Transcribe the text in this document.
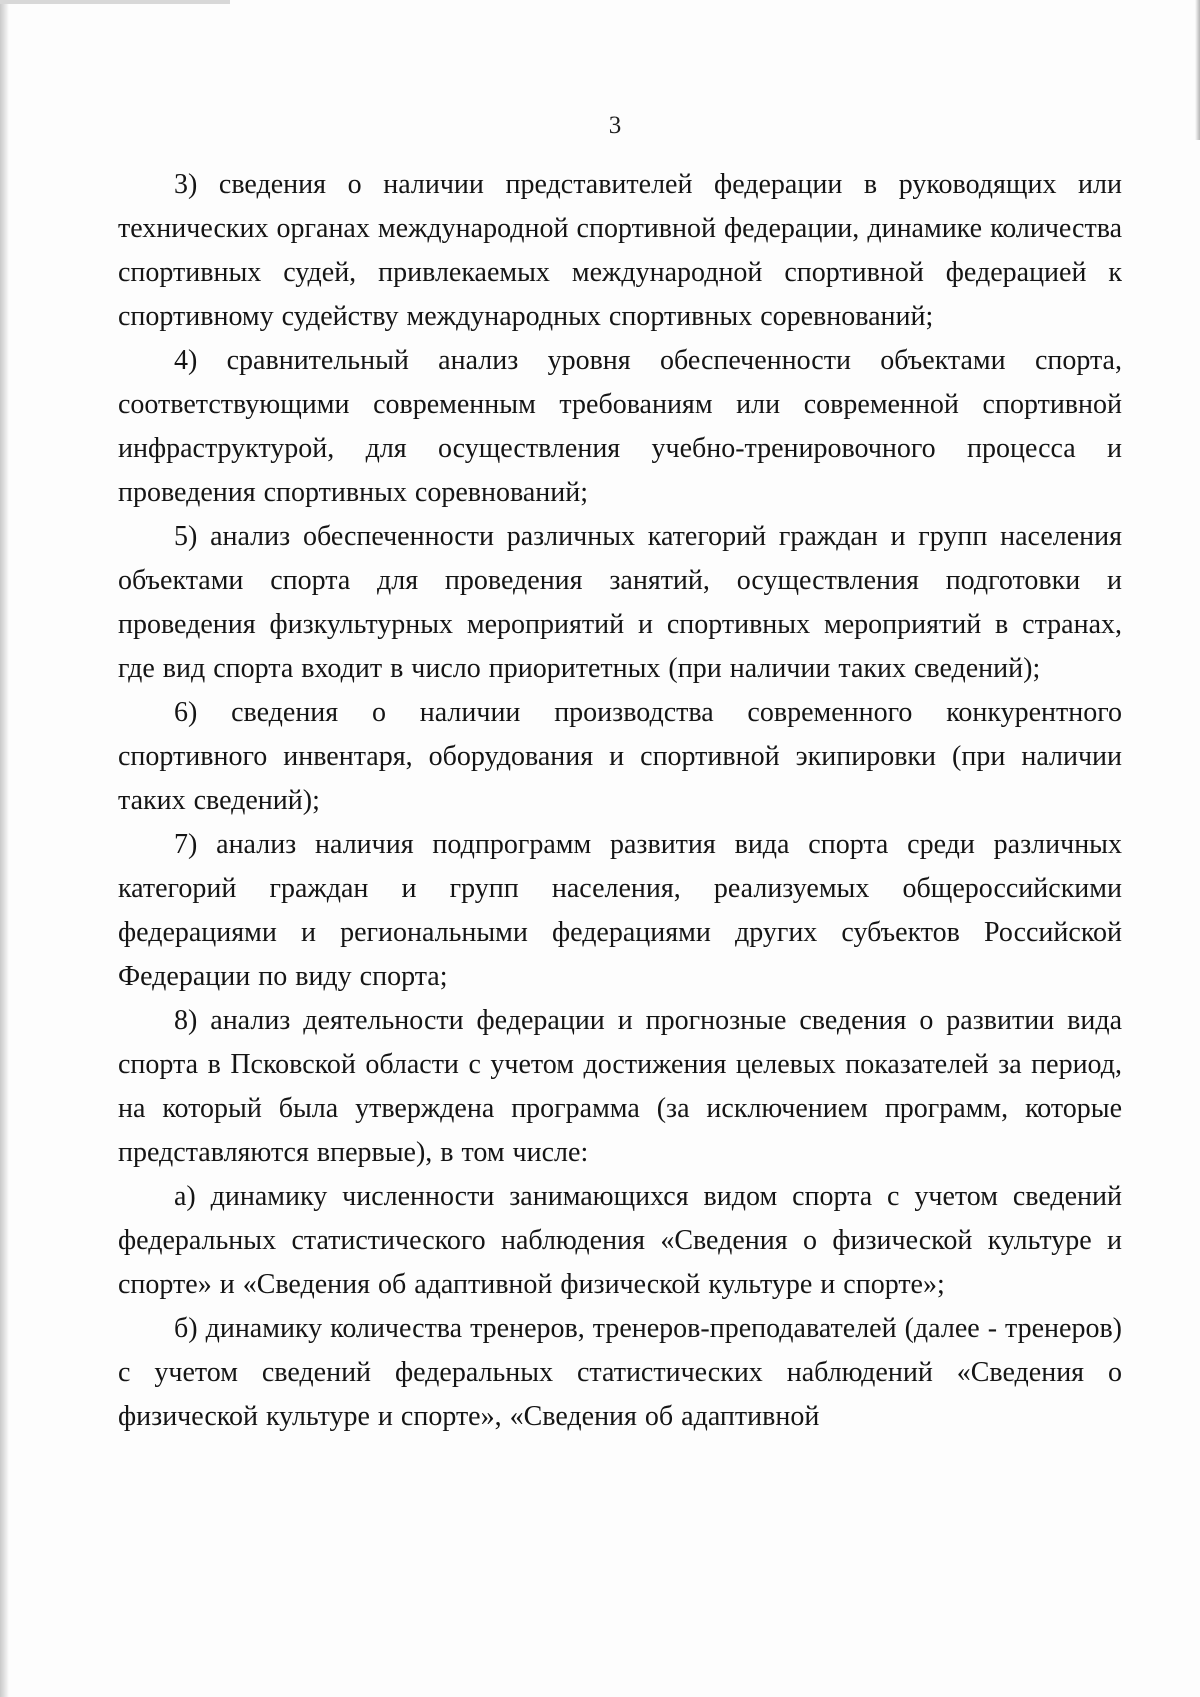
3

3) сведения о наличии представителей федерации в руководящих или технических органах международной спортивной федерации, динамике количества спортивных судей, привлекаемых международной спортивной федерацией к спортивному судейству международных спортивных соревнований;

4) сравнительный анализ уровня обеспеченности объектами спорта, соответствующими современным требованиям или современной спортивной инфраструктурой, для осуществления учебно-тренировочного процесса и проведения спортивных соревнований;

5) анализ обеспеченности различных категорий граждан и групп населения объектами спорта для проведения занятий, осуществления подготовки и проведения физкультурных мероприятий и спортивных мероприятий в странах, где вид спорта входит в число приоритетных (при наличии таких сведений);

6) сведения о наличии производства современного конкурентного спортивного инвентаря, оборудования и спортивной экипировки (при наличии таких сведений);

7) анализ наличия подпрограмм развития вида спорта среди различных категорий граждан и групп населения, реализуемых общероссийскими федерациями и региональными федерациями других субъектов Российской Федерации по виду спорта;

8) анализ деятельности федерации и прогнозные сведения о развитии вида спорта в Псковской области с учетом достижения целевых показателей за период, на который была утверждена программа (за исключением программ, которые представляются впервые), в том числе:

а) динамику численности занимающихся видом спорта с учетом сведений федеральных статистического наблюдения «Сведения о физической культуре и спорте» и «Сведения об адаптивной физической культуре и спорте»;

б) динамику количества тренеров, тренеров-преподавателей (далее - тренеров) с учетом сведений федеральных статистических наблюдений «Сведения о физической культуре и спорте», «Сведения об адаптивной
